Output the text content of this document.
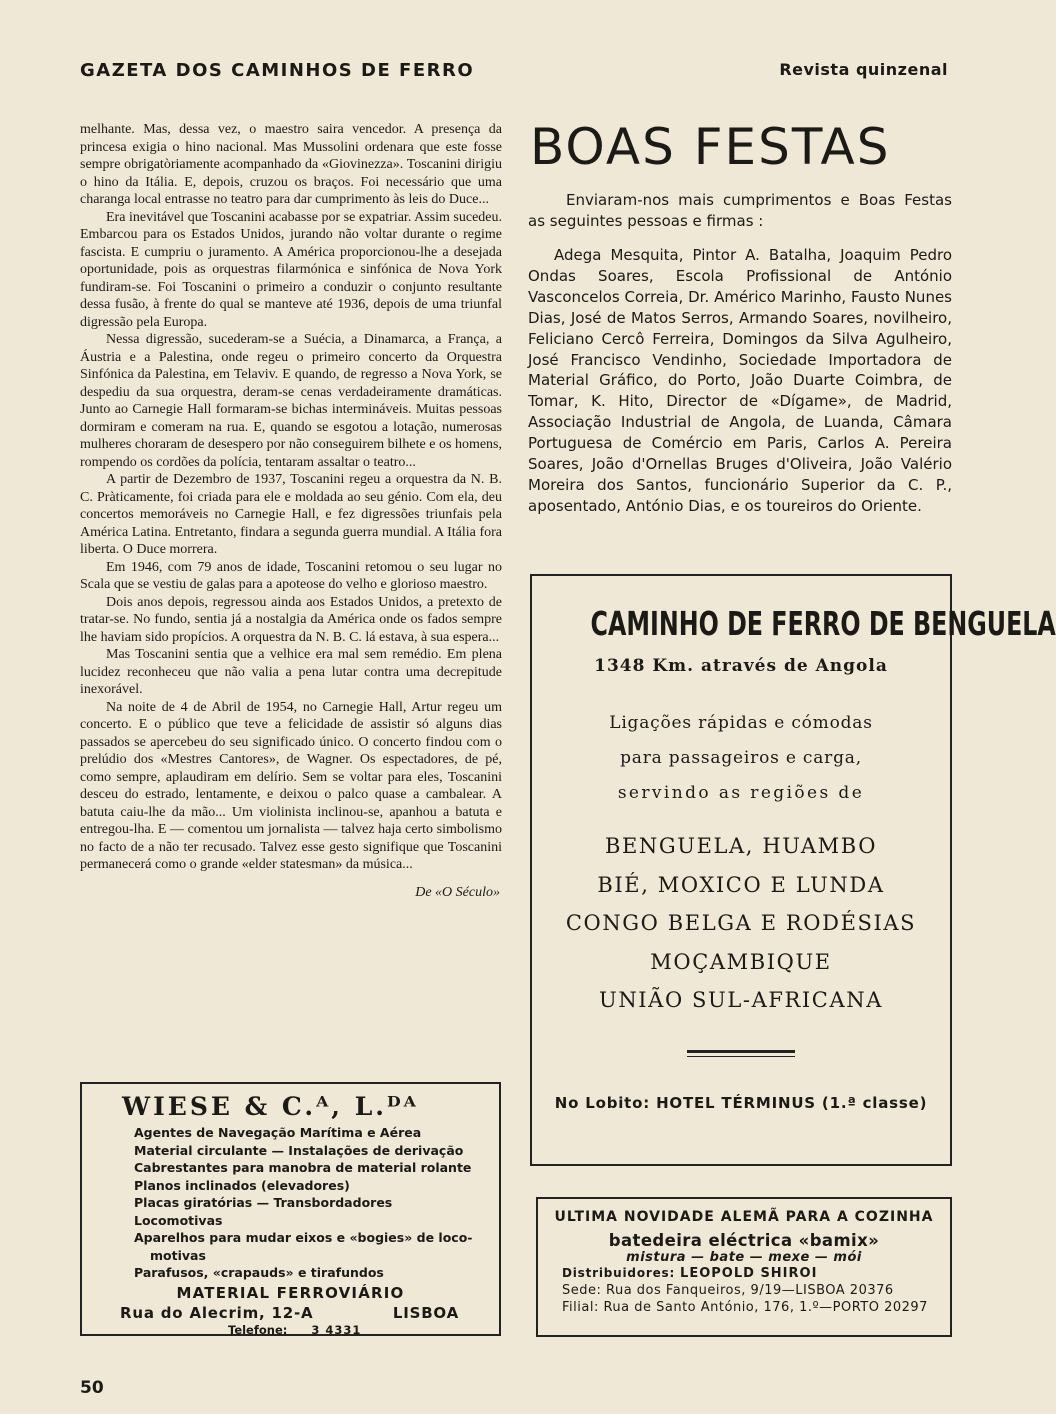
GAZETA DOS CAMINHOS DE FERRO	Revista quinzenal

melhante. Mas, dessa vez, o maestro saira vencedor. A presença da princesa exigia o hino nacional. Mas Mussolini ordenara que este fosse sempre obrigatòriamente acompanhado da «Giovinezza». Toscanini dirigiu o hino da Itália. E, depois, cruzou os braços. Foi necessário que uma charanga local entrasse no teatro para dar cumprimento às leis do Duce...

Era inevitável que Toscanini acabasse por se expatriar. Assim sucedeu. Embarcou para os Estados Unidos, jurando não voltar durante o regime fascista. E cumpriu o juramento. A América proporcionou-lhe a desejada oportunidade, pois as orquestras filarmónica e sinfónica de Nova York fundiram-se. Foi Toscanini o primeiro a conduzir o conjunto resultante dessa fusão, à frente do qual se manteve até 1936, depois de uma triunfal digressão pela Europa.

Nessa digressão, sucederam-se a Suécia, a Dinamarca, a França, a Áustria e a Palestina, onde regeu o primeiro concerto da Orquestra Sinfónica da Palestina, em Telaviv. E quando, de regresso a Nova York, se despediu da sua orquestra, deram-se cenas verdadeiramente dramáticas. Junto ao Carnegie Hall formaram-se bichas intermináveis. Muitas pessoas dormiram e comeram na rua. E, quando se esgotou a lotação, numerosas mulheres choraram de desespero por não conseguirem bilhete e os homens, rompendo os cordões da polícia, tentaram assaltar o teatro...

A partir de Dezembro de 1937, Toscanini regeu a orquestra da N. B. C. Pràticamente, foi criada para ele e moldada ao seu génio. Com ela, deu concertos memoráveis no Carnegie Hall, e fez digressões triunfais pela América Latina. Entretanto, findara a segunda guerra mundial. A Itália fora liberta. O Duce morrera.

Em 1946, com 79 anos de idade, Toscanini retomou o seu lugar no Scala que se vestiu de galas para a apoteose do velho e glorioso maestro.

Dois anos depois, regressou ainda aos Estados Unidos, a pretexto de tratar-se. No fundo, sentia já a nostalgia da América onde os fados sempre lhe haviam sido propícios. A orquestra da N. B. C. lá estava, à sua espera...

Mas Toscanini sentia que a velhice era mal sem remédio. Em plena lucidez reconheceu que não valia a pena lutar contra uma decrepitude inexorável.

Na noite de 4 de Abril de 1954, no Carnegie Hall, Artur regeu um concerto. E o público que teve a felicidade de assistir só alguns dias passados se apercebeu do seu significado único. O concerto findou com o prelúdio dos «Mestres Cantores», de Wagner. Os espectadores, de pé, como sempre, aplaudiram em delírio. Sem se voltar para eles, Toscanini desceu do estrado, lentamente, e deixou o palco quase a cambalear. A batuta caiu-lhe da mão... Um violinista inclinou-se, apanhou a batuta e entregou-lha. E — comentou um jornalista — talvez haja certo simbolismo no facto de a não ter recusado. Talvez esse gesto signifique que Toscanini permanecerá como o grande «elder statesman» da música...

De «O Século»
WIESE & C.ᴬ, L.ᴰᴬ
Agentes de Navegação Marítima e Aérea
Material circulante — Instalações de derivação
Cabrestantes para manobra de material rolante
Planos inclinados (elevadores)
Placas giratórias — Transbordadores
Locomotivas
Aparelhos para mudar eixos e «bogies» de loco-
motivas
Parafusos, «crapauds» e tirafundos
MATERIAL FERROVIÁRIO
Rua do Alecrim, 12-A	LISBOA
Telefone: 3 4331
50
BOAS FESTAS
Enviaram-nos mais cumprimentos e Boas Festas as seguintes pessoas e firmas :
Adega Mesquita, Pintor A. Batalha, Joaquim Pedro Ondas Soares, Escola Profissional de António Vasconcelos Correia, Dr. Américo Marinho, Fausto Nunes Dias, José de Matos Serros, Armando Soares, novilheiro, Feliciano Cercô Ferreira, Domingos da Silva Agulheiro, José Francisco Vendinho, Sociedade Importadora de Material Gráfico, do Porto, João Duarte Coimbra, de Tomar, K. Hito, Director de «Dígame», de Madrid, Associação Industrial de Angola, de Luanda, Câmara Portuguesa de Comércio em Paris, Carlos A. Pereira Soares, João d'Ornellas Bruges d'Oliveira, João Valério Moreira dos Santos, funcionário Superior da C. P., aposentado, António Dias, e os toureiros do Oriente.
CAMINHO DE FERRO DE BENGUELA
1348 Km. através de Angola
Ligações rápidas e cómodas
para passageiros e carga,
servindo as regiões de
BENGUELA, HUAMBO
BIÉ, MOXICO E LUNDA
CONGO BELGA E RODÉSIAS
MOÇAMBIQUE
UNIÃO SUL-AFRICANA
No Lobito: HOTEL TÉRMINUS (1.ª classe)
ULTIMA NOVIDADE ALEMÃ PARA A COZINHA
batedeira eléctrica «bamix»
mistura — bate — mexe — mói
Distribuidores: LEOPOLD SHIROI
Sede: Rua dos Fanqueiros, 9/19—LISBOA 20376
Filial: Rua de Santo António, 176, 1.º—PORTO 20297
